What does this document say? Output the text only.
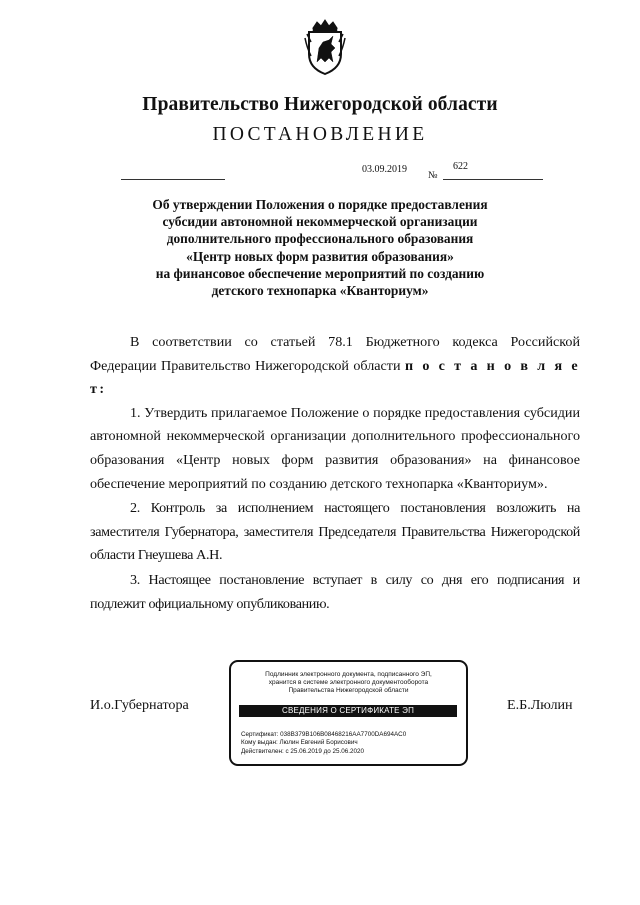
Правительство Нижегородской области
ПОСТАНОВЛЕНИЕ
03.09.2019
№
622
Об утверждении Положения о порядке предоставления
субсидии автономной некоммерческой организации
дополнительного профессионального образования
«Центр новых форм развития образования»
на финансовое обеспечение мероприятий по созданию
детского технопарка «Кванториум»

В соответствии со статьей 78.1 Бюджетного кодекса Российской Федерации Правительство Нижегородской области п о с т а н о в л я е т:

1. Утвердить прилагаемое Положение о порядке предоставления субсидии автономной некоммерческой организации дополнительного профессионального образования «Центр новых форм развития образования» на финансовое обеспечение мероприятий по созданию детского технопарка «Кванториум».

2. Контроль за исполнением настоящего постановления возложить на заместителя Губернатора, заместителя Председателя Правительства Нижегородской области Гнеушева А.Н.

3. Настоящее постановление вступает в силу со дня его подписания и подлежит официальному опубликованию.

И.о.Губернатора
Подлинник электронного документа, подписанного ЭП,
хранится в системе электронного документооборота
Правительства Нижегородской области
СВЕДЕНИЯ О СЕРТИФИКАТЕ ЭП
Сертификат: 038B379B106B08468216AA7700DA694AC0
Кому выдан: Люлин Евгений Борисович
Действителен: с 25.06.2019 до 25.06.2020
Е.Б.Люлин
